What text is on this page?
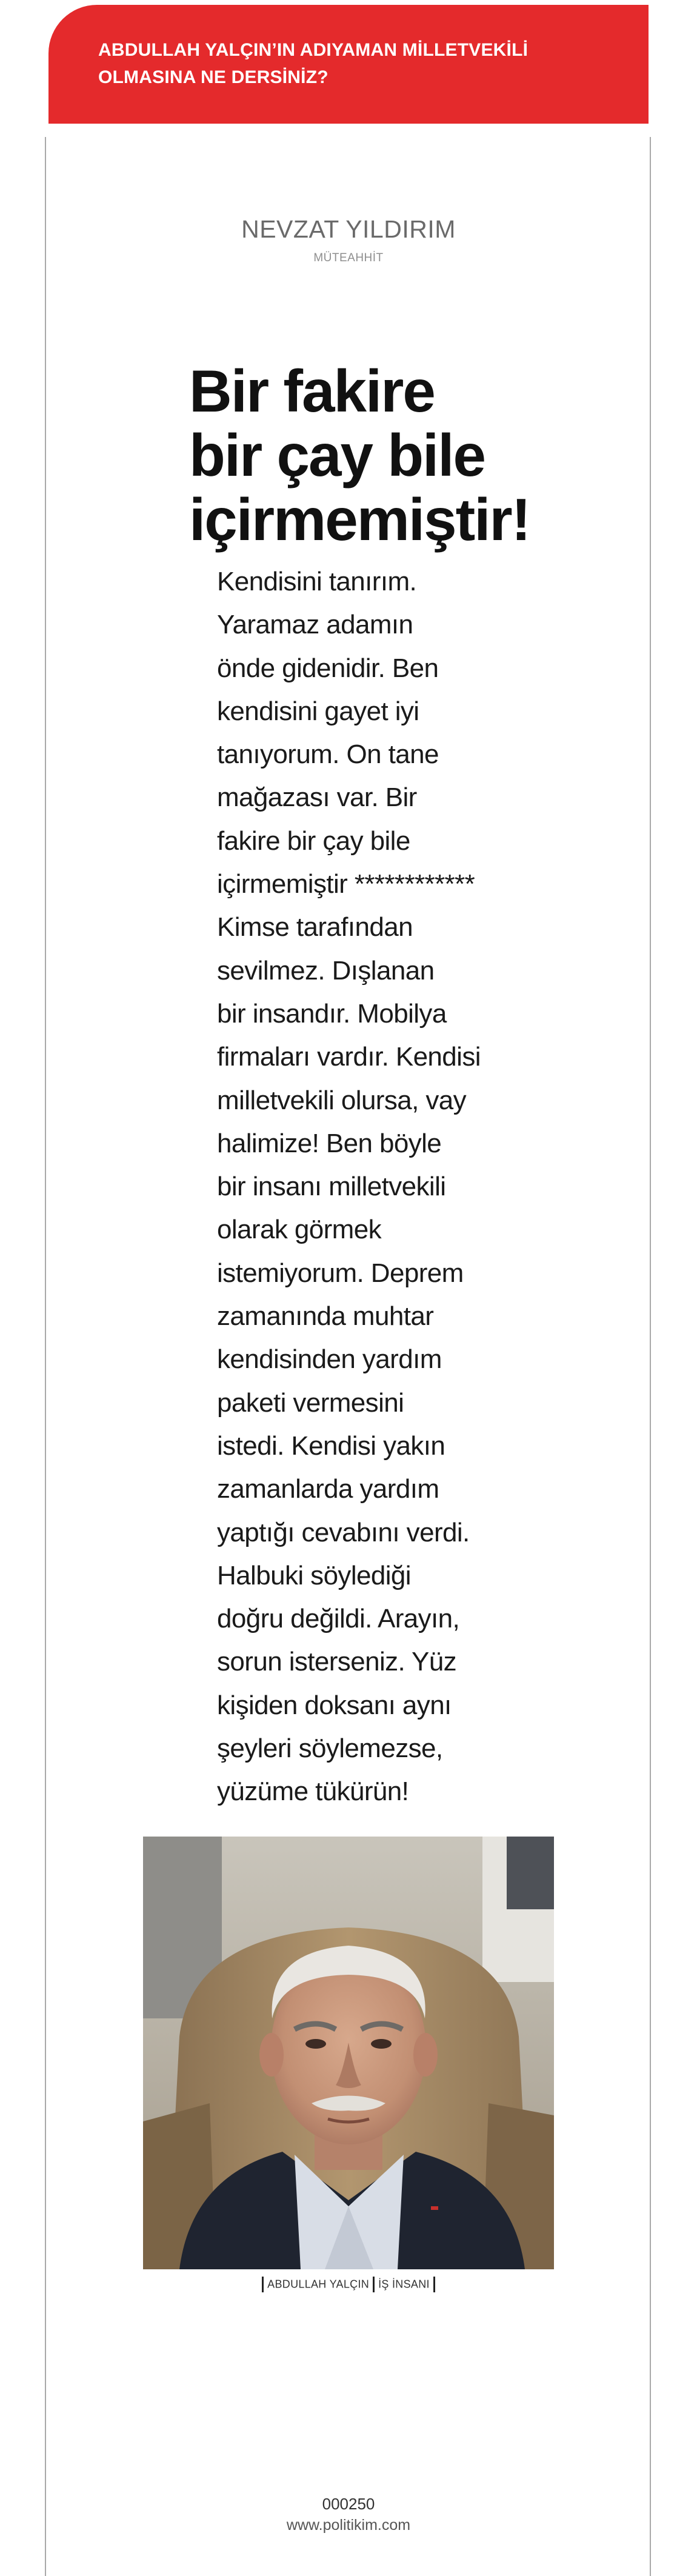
ABDULLAH YALÇIN’IN ADIYAMAN MİLLETVEKİLİ
OLMASINA NE DERSİNİZ?

NEVZAT YILDIRIM
MÜTEAHHİT
Bir fakire
bir çay bile
içirmemiştir!

Kendisini tanırım.
Yaramaz adamın
önde gidenidir. Ben
kendisini gayet iyi
tanıyorum. On tane
mağazası var. Bir
fakire bir çay bile
içirmemiştir ************
Kimse tarafından
sevilmez. Dışlanan
bir insandır. Mobilya
firmaları vardır. Kendisi
milletvekili olursa, vay
halimize! Ben böyle
bir insanı milletvekili
olarak görmek
istemiyorum. Deprem
zamanında muhtar
kendisinden yardım
paketi vermesini
istedi. Kendisi yakın
zamanlarda yardım
yaptığı cevabını verdi.
Halbuki söylediği
doğru değildi. Arayın,
sorun isterseniz. Yüz
kişiden doksanı aynı
şeyleri söylemezse,
yüzüme tükürün!

ABDULLAH YALÇIN İŞ İNSANI
000250
www.politikim.com
